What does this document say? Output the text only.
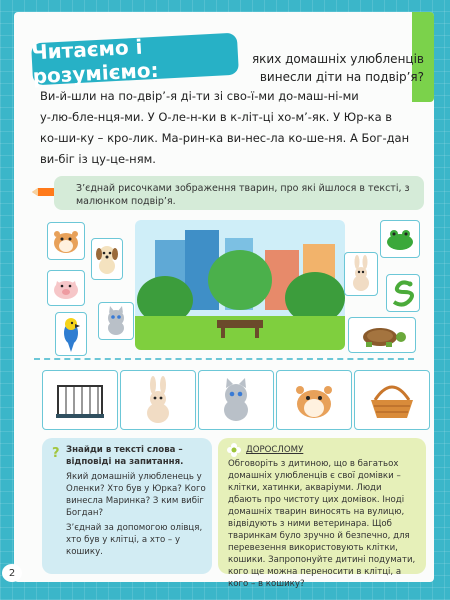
Читаємо і розуміємо:	яких домашніх улюбленців
винесли діти на подвір’я?
Ви-й-шли на по-двір’-я ді-ти зі сво-ї-ми до-маш-ні-ми
у-лю-бле-нця-ми. У О-ле-н-ки в к-літ-ці хо-м’-як. У Юр-ка в
ко-ши-ку – кро-лик. Ма-рин-ка ви-нес-ла ко-ше-ня. А Бог-дан
ви-біг із цу-це-ням.
З’єднай рисочками зображення тварин, про які йшлося в тексті, з малюнком подвір’я.
? Знайди в тексті слова – відповіді на запитання.
Який домашній улюбленець у Оленки? Хто був у Юрка? Кого винесла Маринка? З ким вибіг Богдан?
З’єднай за допомогою олівця, хто був у клітці, а хто – у кошику.
ДОРОСЛОМУ
Обговоріть з дитиною, що в багатьох домашніх улюбленців є свої домівки – клітки, хатинки, акваріуми. Люди дбають про чистоту цих домівок. Іноді домашніх тварин виносять на вулицю, відвідують з ними ветеринара. Щоб тваринкам було зручно й безпечно, для перевезення використовують клітки, кошики. Запропонуйте дитині подумати, кого ще можна переносити в клітці, а кого – в кошику?
2
